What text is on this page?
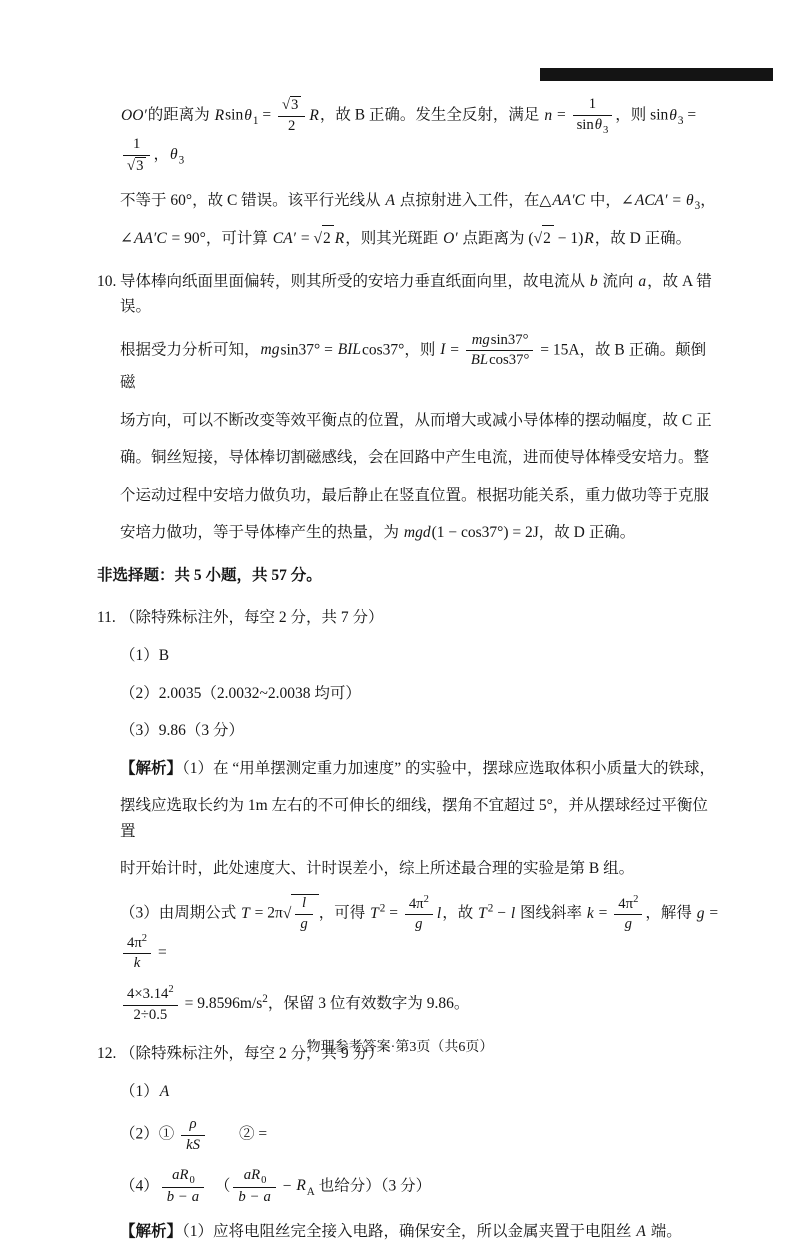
OO′的距离为 $Rsin\theta_1 = \frac{√3}{2}$ R，故 B 正确。发生全反射，满足 $n = \frac{1}{\sin\theta_3}$ ，则 sinθ$_3$ =
$\frac{1}{√3}$ ，$\theta_3$
不等于 60°，故 C 错误。该平行光线从 A 点掠射进入工件，在△AA′C 中，∠ACA′ = $\theta_3$，
∠AA′C = 90°，可计算 CA′ = √2 R，则其光斑距 O′ 点距离为 (√2 − 1)R，故 D 正确。
10. 导体棒向纸面里面偏转，则其所受的安培力垂直纸面向里，故电流从 b 流向 a，故 A 错误。
根据受力分析可知，mgsin37° = BILcos37°，则 $I = \frac{mgsin37^\circ}{BLcos37^\circ} = 15A$，故 B 正确。颠倒磁
场方向，可以不断改变等效平衡点的位置，从而增大或减小导体棒的摆动幅度，故 C 正
确。铜丝短接，导体棒切割磁感线，会在回路中产生电流，进而使导体棒受安培力。整
个运动过程中安培力做负功，最后静止在竖直位置。根据功能关系，重力做功等于克服
安培力做功，等于导体棒产生的热量，为 mgd(1 − cos37°) = 2J，故 D 正确。
非选择题：共 5 小题，共 57 分。
11. （除特殊标注外，每空 2 分，共 7 分）
（1）B
（2）2.0035（2.0032~2.0038 均可）
（3）9.86（3 分）
【解析】（1）在 “用单摆测定重力加速度” 的实验中，摆球应选取体积小质量大的铁球，
摆线应选取长约为 1m 左右的不可伸长的细线，摆角不宜超过 5°，并从摆球经过平衡位置
时开始计时，此处速度大、计时误差小，综上所述最合理的实验是第 B 组。
（3）由周期公式 $T = 2\pi√ \frac{l}{g}$ ，可得 $T^2 = \frac{4\pi^2}{g}$ l，故 $T^2 - l$ 图线斜率 $k = \frac{4\pi^2}{g}$ ，解得 g =
$\frac{4\pi^2}{k}$ =
$\frac{4\times 3.14^2}{2\div 0.5} = 9.8596m/s^2$，保留 3 位有效数字为 9.86。
12. （除特殊标注外，每空 2 分，共 9 分）
（1）A
（2）① $\frac{\rho}{kS}$ 　　② =
$(4) \frac{aR_0}{b - a}$ 　（ $\frac{aR_0}{b - a} - R_A$ 也给分）（3 分）
【解析】（1）应将电阻丝完全接入电路，确保安全，所以金属夹置于电阻丝 A 端。
物理参考答案·第3页（共6页）
